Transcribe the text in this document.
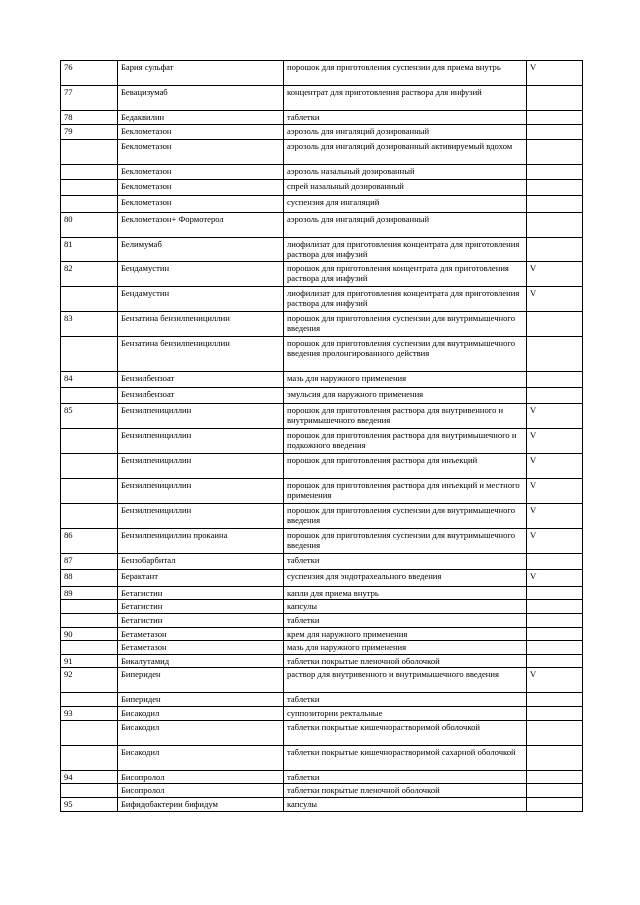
76	Бария сульфат	порошок для приготовления суспензии для приема внутрь	V
77	Бевацизумаб	концентрат для приготовления раствора для инфузий	
78	Бедаквилин	таблетки	
79	Беклометазон	аэрозоль для ингаляций дозированный	
	Беклометазон	аэрозоль для ингаляций дозированный активируемый вдохом	
	Беклометазон	аэрозоль назальный дозированный	
	Беклометазон	спрей назальный дозированный	
	Беклометазон	суспензия для ингаляций	
80	Беклометазон+ Формотерол	аэрозоль для ингаляций дозированный	
81	Белимумаб	лиофилизат для приготовления концентрата для приготовления раствора для инфузий	
82	Бендамустин	порошок для приготовления концентрата для приготовления раствора для инфузий	V
	Бендамустин	лиофилизат для приготовления концентрата для приготовления раствора для инфузий	V
83	Бензатина бензилпенициллин	порошок для приготовления суспензии для внутримышечного введения	
	Бензатина бензилпенициллин	порошок для приготовления суспензии для внутримышечного введения пролонгированного действия	
84	Бензилбензоат	мазь для наружного применения	
	Бензилбензоат	эмульсия для наружного применения	
85	Бензилпенициллин	порошок для приготовления раствора для внутривенного и внутримышечного введения	V
	Бензилпенициллин	порошок для приготовления раствора для внутримышечного и подкожного введения	V
	Бензилпенициллин	порошок для приготовления раствора для инъекций	V
	Бензилпенициллин	порошок для приготовления раствора для инъекций и местного применения	V
	Бензилпенициллин	порошок для приготовления суспензии для внутримышечного введения	V
86	Бензилпенициллин прокаина	порошок для приготовления суспензии для внутримышечного введения	V
87	Бензобарбитал	таблетки	
88	Берактант	суспензия для эндотрахеального введения	V
89	Бетагистин	капли для приема внутрь	
	Бетагистин	капсулы	
	Бетагистин	таблетки	
90	Бетаметазон	крем для наружного применения	
	Бетаметазон	мазь для наружного применения	
91	Бикалутамид	таблетки покрытые пленочной оболочкой	
92	Бипериден	раствор для внутривенного и внутримышечного введения	V
	Бипериден	таблетки	
93	Бисакодил	суппозитории ректальные	
	Бисакодил	таблетки покрытые кишечнорастворимой оболочкой	
	Бисакодил	таблетки покрытые кишечнорастворимой сахарной оболочкой	
94	Бисопролол	таблетки	
	Бисопролол	таблетки покрытые пленочной оболочкой	
95	Бифидобактерии бифидум	капсулы	
